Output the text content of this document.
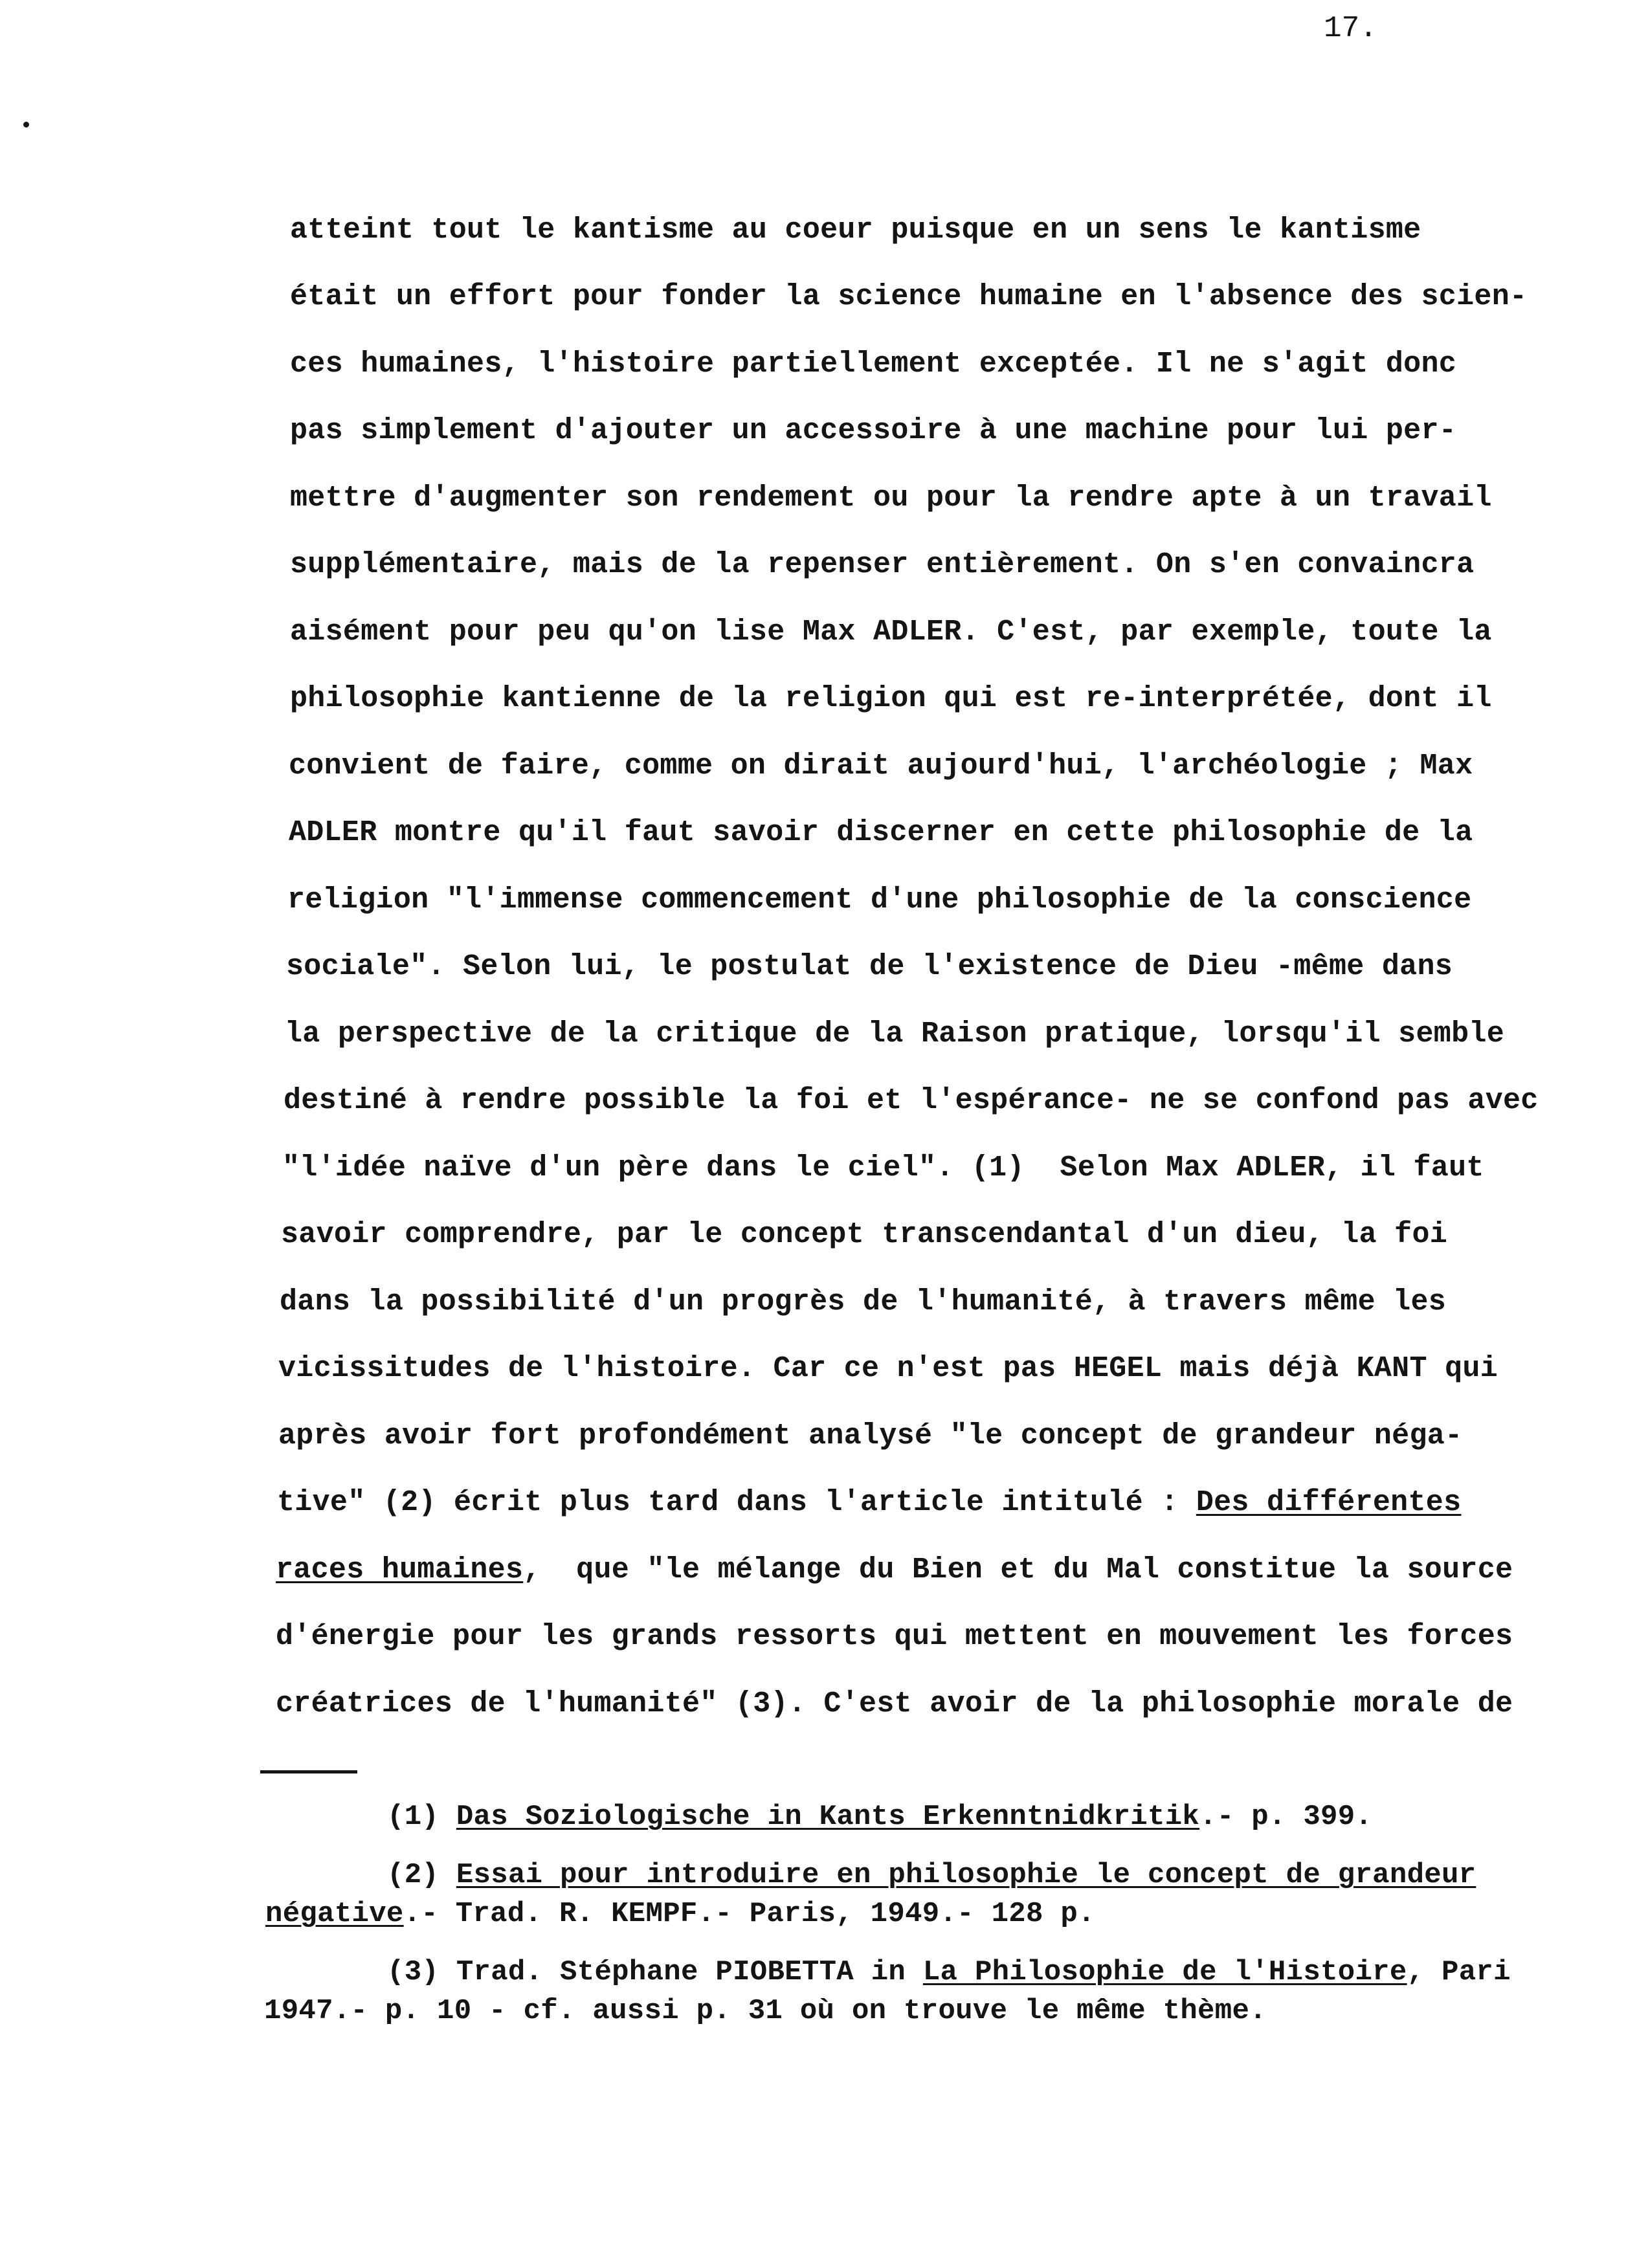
17.
atteint tout le kantisme au coeur puisque en un sens le kantisme
était un effort pour fonder la science humaine en l'absence des scien-
ces humaines, l'histoire partiellement exceptée. Il ne s'agit donc
pas simplement d'ajouter un accessoire à une machine pour lui per-
mettre d'augmenter son rendement ou pour la rendre apte à un travail
supplémentaire, mais de la repenser entièrement. On s'en convaincra
aisément pour peu qu'on lise Max ADLER. C'est, par exemple, toute la
philosophie kantienne de la religion qui est re-interprétée, dont il
convient de faire, comme on dirait aujourd'hui, l'archéologie ; Max
ADLER montre qu'il faut savoir discerner en cette philosophie de la
religion "l'immense commencement d'une philosophie de la conscience
sociale". Selon lui, le postulat de l'existence de Dieu -même dans
la perspective de la critique de la Raison pratique, lorsqu'il semble
destiné à rendre possible la foi et l'espérance- ne se confond pas avec
"l'idée naïve d'un père dans le ciel". (1)  Selon Max ADLER, il faut
savoir comprendre, par le concept transcendantal d'un dieu, la foi
dans la possibilité d'un progrès de l'humanité, à travers même les
vicissitudes de l'histoire. Car ce n'est pas HEGEL mais déjà KANT qui
après avoir fort profondément analysé "le concept de grandeur néga-
tive" (2) écrit plus tard dans l'article intitulé : Des différentes
races humaines,  que "le mélange du Bien et du Mal constitue la source
d'énergie pour les grands ressorts qui mettent en mouvement les forces
créatrices de l'humanité" (3). C'est avoir de la philosophie morale de
(1) Das Soziologische in Kants Erkenntnidkritik.- p. 399.
(2) Essai pour introduire en philosophie le concept de grandeur
négative.- Trad. R. KEMPF.- Paris, 1949.- 128 p.
(3) Trad. Stéphane PIOBETTA in La Philosophie de l'Histoire, Pari
1947.- p. 10 - cf. aussi p. 31 où on trouve le même thème.
